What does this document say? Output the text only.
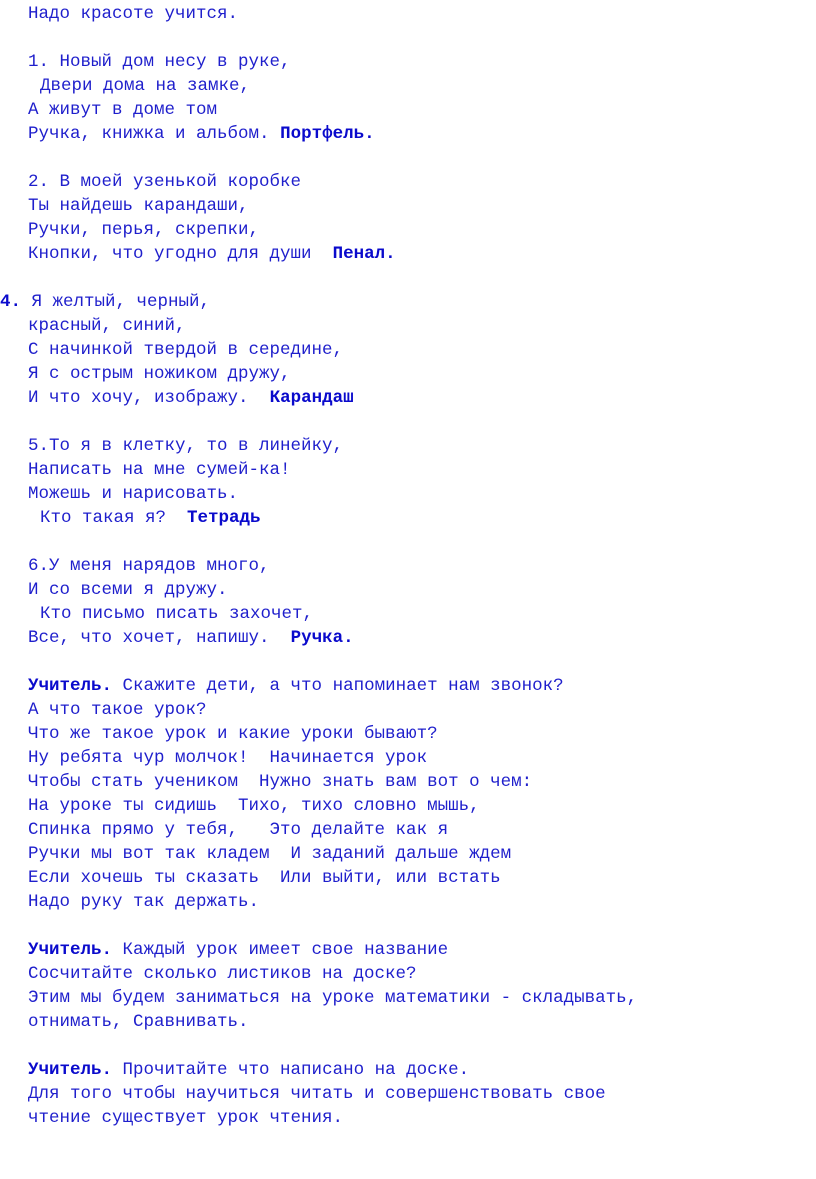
Надо красоте учится.
1. Новый дом несу в руке,
Двери дома на замке,
А живут в доме том
Ручка, книжка и альбом. Портфель.
2. В моей узенькой коробке
Ты найдешь карандаши,
Ручки, перья, скрепки,
Кнопки, что угодно для души Пенал.
4. Я желтый, черный,
красный, синий,
С начинкой твердой в середине,
Я с острым ножиком дружу,
И что хочу, изображу. Карандаш
5.То я в клетку, то в линейку,
Написать на мне сумей-ка!
Можешь и нарисовать.
Кто такая я? Тетрадь
6.У меня нарядов много,
И со всеми я дружу.
Кто письмо писать захочет,
Все, что хочет, напишу. Ручка.
Учитель. Скажите дети, а что напоминает нам звонок?
А что такое урок?
Что же такое урок и какие уроки бывают?
Ну ребята чур молчок!  Начинается урок
Чтобы стать учеником  Нужно знать вам вот о чем:
На уроке ты сидишь  Тихо, тихо словно мышь,
Спинка прямо у тебя,   Это делайте как я
Ручки мы вот так кладем  И заданий дальше ждем
Если хочешь ты сказать  Или выйти, или встать
Надо руку так держать.
Учитель. Каждый урок имеет свое название
Сосчитайте сколько листиков на доске?
Этим мы будем заниматься на уроке математики - складывать,
отнимать, Сравнивать.
Учитель. Прочитайте что написано на доске.
Для того чтобы научиться читать и совершенствовать свое
чтение существует урок чтения.
